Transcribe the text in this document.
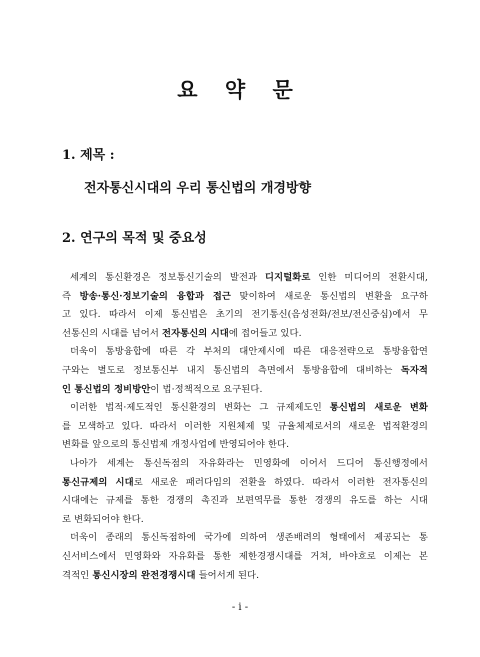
요 약 문
1. 제목 :
전자통신시대의 우리 통신법의 개경방향
2. 연구의 목적 및 중요성
세계의 통신환경은 정보통신기술의 발전과 디지털화로 인한 미디어의 전환시대,
즉 방송·통신·정보기술의 융합과 접근 맞이하여 새로운 통신법의 변환을 요구하
고 있다. 따라서 이제 통신법은 초기의 전기통신(음성전화/전보/전신중심)에서 무
선통신의 시대를 넘어서 전자통신의 시대에 접어들고 있다.
더욱이 통방융합에 따른 각 부처의 대안제시에 따른 대응전략으로 통방융합연
구와는 별도로 정보통신부 내지 통신법의 측면에서 통방융합에 대비하는 독자적
인 통신법의 정비방안이 법·정책적으로 요구된다.
이러한 법적·제도적인 통신환경의 변화는 그 규제제도인 통신법의 새로운 변화
를 모색하고 있다. 따라서 이러한 지원체제 및 규율체제로서의 새로운 법적환경의
변화를 앞으로의 통신법제 개정사업에 반영되어야 한다.
나아가 세계는 통신독점의 자유화라는 민영화에 이어서 드디어 통신행정에서
통신규제의 시대로 새로운 패러다임의 전환을 하였다. 따라서 이러한 전자통신의
시대에는 규제를 통한 경쟁의 촉진과 보편역무를 통한 경쟁의 유도를 하는 시대
로 변화되어야 한다.
더욱이 종래의 통신독점하에 국가에 의하여 생존배려의 형태에서 제공되는 통
신서비스에서 민영화와 자유화를 통한 제한경쟁시대를 거쳐, 바야흐로 이제는 본
격적인 통신시장의 완전경쟁시대 들어서게 된다.
- i -
